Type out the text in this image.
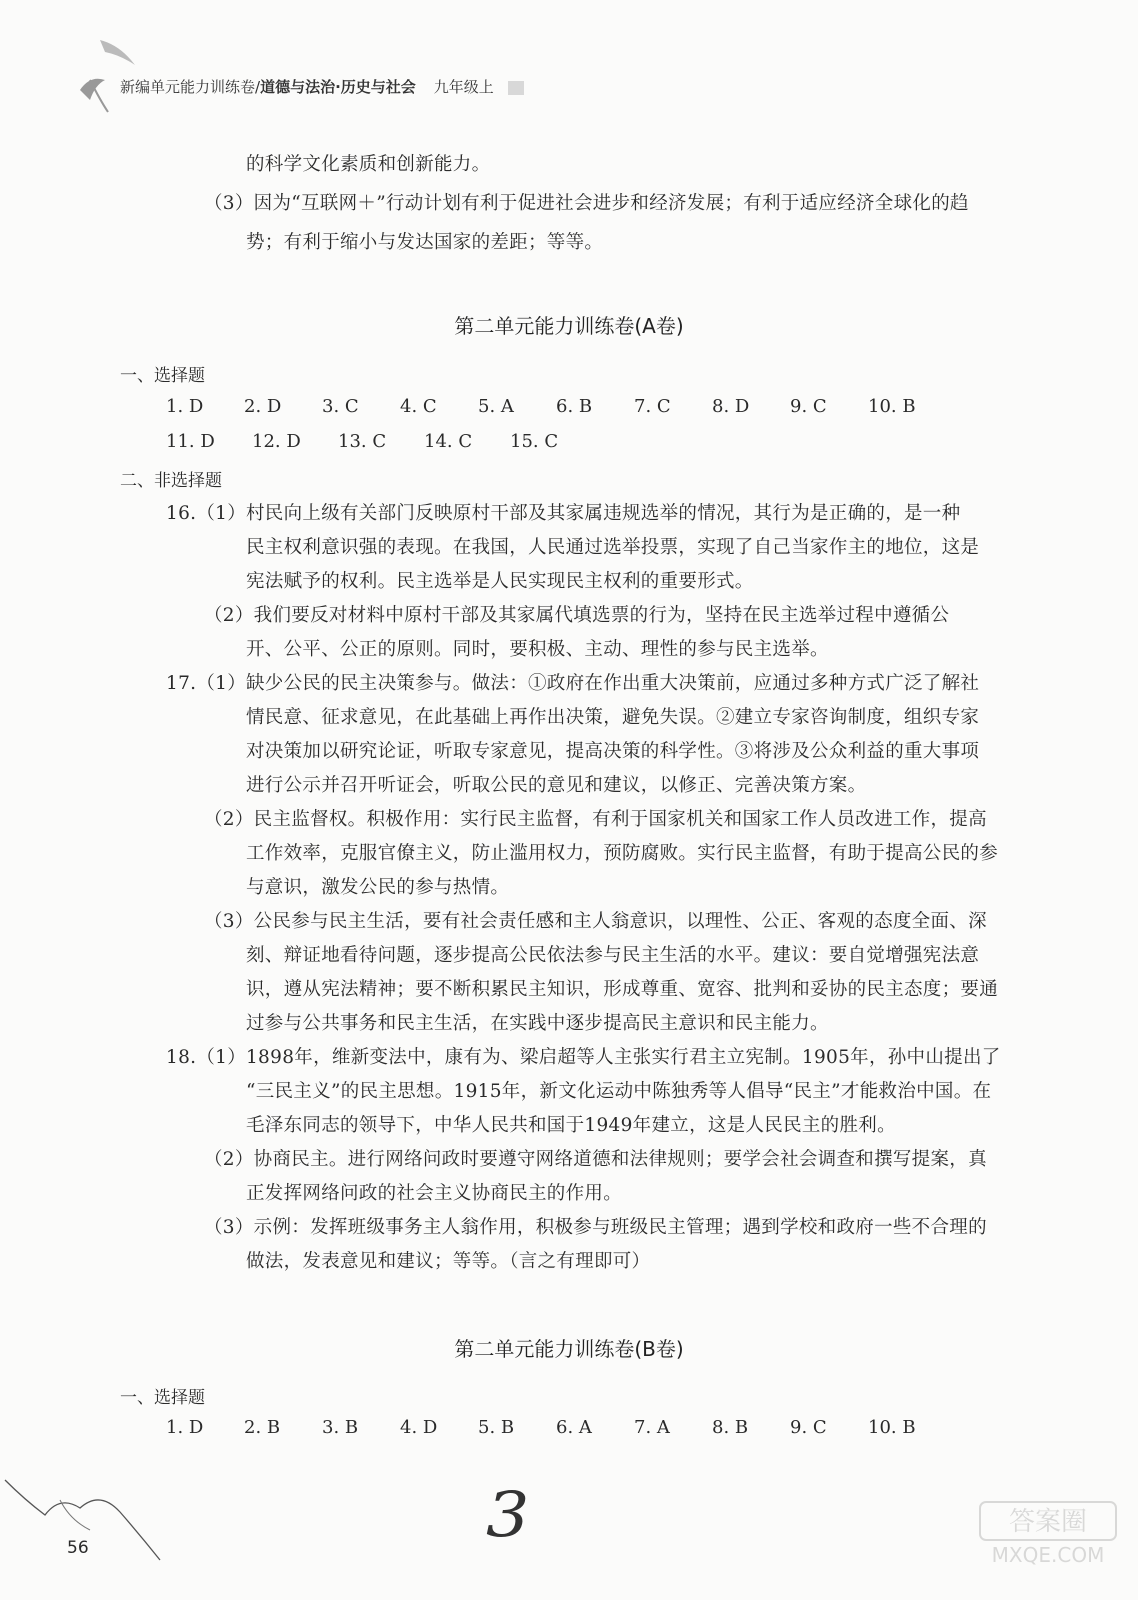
新编单元能力训练卷/道德与法治·历史与社会 九年级上
的科学文化素质和创新能力。
（3）因为“互联网＋”行动计划有利于促进社会进步和经济发展；有利于适应经济全球化的趋
势；有利于缩小与发达国家的差距；等等。
第二单元能力训练卷(A卷)
一、选择题
1. D	2. D	3. C	4. C	5. A	6. B	7. C	8. D	9. C	10. B
11. D	12. D	13. C	14. C	15. C
二、非选择题
16.（1）村民向上级有关部门反映原村干部及其家属违规选举的情况，其行为是正确的，是一种
民主权利意识强的表现。在我国，人民通过选举投票，实现了自己当家作主的地位，这是
宪法赋予的权利。民主选举是人民实现民主权利的重要形式。
（2）我们要反对材料中原村干部及其家属代填选票的行为，坚持在民主选举过程中遵循公
开、公平、公正的原则。同时，要积极、主动、理性的参与民主选举。
17.（1）缺少公民的民主决策参与。做法：①政府在作出重大决策前，应通过多种方式广泛了解社
情民意、征求意见，在此基础上再作出决策，避免失误。②建立专家咨询制度，组织专家
对决策加以研究论证，听取专家意见，提高决策的科学性。③将涉及公众利益的重大事项
进行公示并召开听证会，听取公民的意见和建议，以修正、完善决策方案。
（2）民主监督权。积极作用：实行民主监督，有利于国家机关和国家工作人员改进工作，提高
工作效率，克服官僚主义，防止滥用权力，预防腐败。实行民主监督，有助于提高公民的参
与意识，激发公民的参与热情。
（3）公民参与民主生活，要有社会责任感和主人翁意识，以理性、公正、客观的态度全面、深
刻、辩证地看待问题，逐步提高公民依法参与民主生活的水平。建议：要自觉增强宪法意
识，遵从宪法精神；要不断积累民主知识，形成尊重、宽容、批判和妥协的民主态度；要通
过参与公共事务和民主生活，在实践中逐步提高民主意识和民主能力。
18.（1）1898年，维新变法中，康有为、梁启超等人主张实行君主立宪制。1905年，孙中山提出了
“三民主义”的民主思想。1915年，新文化运动中陈独秀等人倡导“民主”才能救治中国。在
毛泽东同志的领导下，中华人民共和国于1949年建立，这是人民民主的胜利。
（2）协商民主。进行网络问政时要遵守网络道德和法律规则；要学会社会调查和撰写提案，真
正发挥网络问政的社会主义协商民主的作用。
（3）示例：发挥班级事务主人翁作用，积极参与班级民主管理；遇到学校和政府一些不合理的
做法，发表意见和建议；等等。（言之有理即可）
第二单元能力训练卷(B卷)
一、选择题
1. D	2. B	3. B	4. D	5. B	6. A	7. A	8. B	9. C	10. B
56	3	答案圈
MXQE.COM
